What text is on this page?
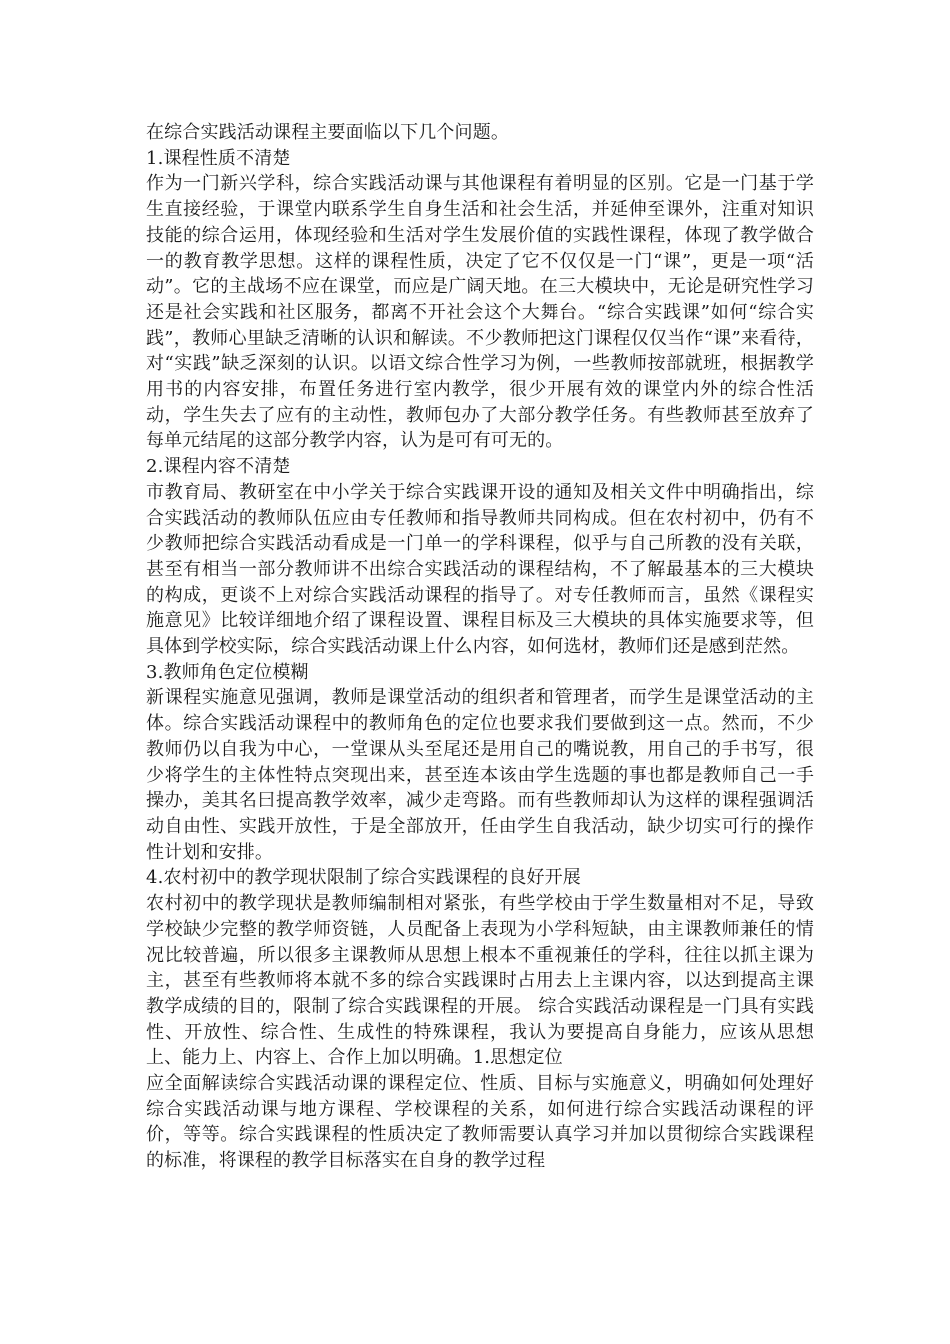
在综合实践活动课程主要面临以下几个问题。

1.课程性质不清楚

作为一门新兴学科，综合实践活动课与其他课程有着明显的区别。它是一门基于学生直接经验，于课堂内联系学生自身生活和社会生活，并延伸至课外，注重对知识技能的综合运用，体现经验和生活对学生发展价值的实践性课程，体现了教学做合一的教育教学思想。这样的课程性质，决定了它不仅仅是一门“课”，更是一项“活动”。它的主战场不应在课堂，而应是广阔天地。在三大模块中，无论是研究性学习还是社会实践和社区服务，都离不开社会这个大舞台。“综合实践课”如何“综合实践”，教师心里缺乏清晰的认识和解读。不少教师把这门课程仅仅当作“课”来看待，对“实践”缺乏深刻的认识。以语文综合性学习为例，一些教师按部就班，根据教学用书的内容安排，布置任务进行室内教学，很少开展有效的课堂内外的综合性活动，学生失去了应有的主动性，教师包办了大部分教学任务。有些教师甚至放弃了每单元结尾的这部分教学内容，认为是可有可无的。

2.课程内容不清楚

市教育局、教研室在中小学关于综合实践课开设的通知及相关文件中明确指出，综合实践活动的教师队伍应由专任教师和指导教师共同构成。但在农村初中，仍有不少教师把综合实践活动看成是一门单一的学科课程，似乎与自己所教的没有关联，甚至有相当一部分教师讲不出综合实践活动的课程结构，不了解最基本的三大模块的构成，更谈不上对综合实践活动课程的指导了。对专任教师而言，虽然《课程实施意见》比较详细地介绍了课程设置、课程目标及三大模块的具体实施要求等，但具体到学校实际，综合实践活动课上什么内容，如何选材，教师们还是感到茫然。

3.教师角色定位模糊

新课程实施意见强调，教师是课堂活动的组织者和管理者，而学生是课堂活动的主体。综合实践活动课程中的教师角色的定位也要求我们要做到这一点。然而，不少教师仍以自我为中心，一堂课从头至尾还是用自己的嘴说教，用自己的手书写，很少将学生的主体性特点突现出来，甚至连本该由学生选题的事也都是教师自己一手操办，美其名曰提高教学效率，减少走弯路。而有些教师却认为这样的课程强调活动自由性、实践开放性，于是全部放开，任由学生自我活动，缺少切实可行的操作性计划和安排。

4.农村初中的教学现状限制了综合实践课程的良好开展

农村初中的教学现状是教师编制相对紧张，有些学校由于学生数量相对不足，导致学校缺少完整的教学师资链，人员配备上表现为小学科短缺，由主课教师兼任的情况比较普遍，所以很多主课教师从思想上根本不重视兼任的学科，往往以抓主课为主，甚至有些教师将本就不多的综合实践课时占用去上主课内容，以达到提高主课教学成绩的目的，限制了综合实践课程的开展。 综合实践活动课程是一门具有实践性、开放性、综合性、生成性的特殊课程，我认为要提高自身能力，应该从思想上、能力上、内容上、合作上加以明确。1.思想定位

应全面解读综合实践活动课的课程定位、性质、目标与实施意义，明确如何处理好综合实践活动课与地方课程、学校课程的关系，如何进行综合实践活动课程的评价，等等。综合实践课程的性质决定了教师需要认真学习并加以贯彻综合实践课程的标准，将课程的教学目标落实在自身的教学过程
